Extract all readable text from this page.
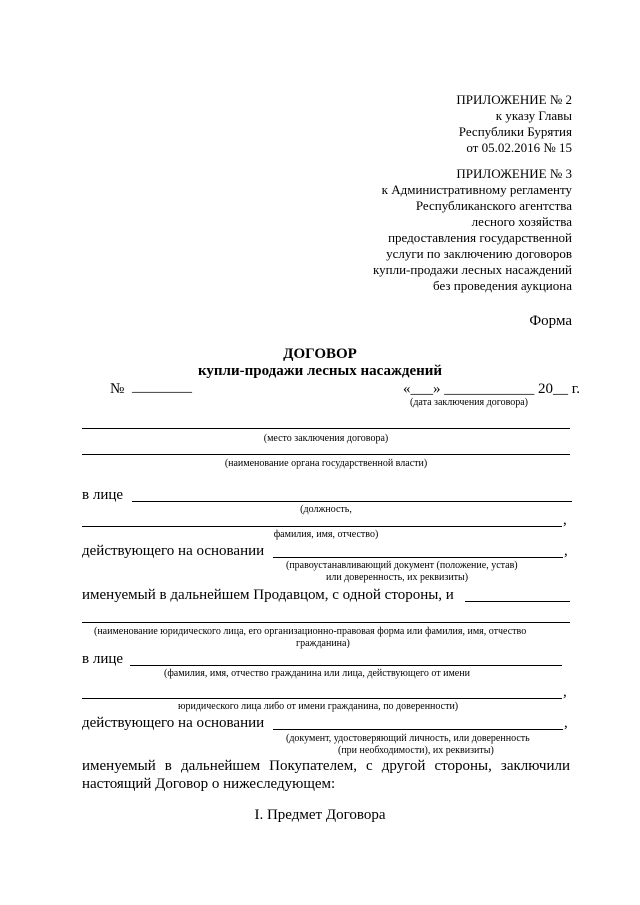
ПРИЛОЖЕНИЕ № 2
к указу Главы
Республики Бурятия
от 05.02.2016 № 15
ПРИЛОЖЕНИЕ № 3
к Административному регламенту
Республиканского агентства
лесного хозяйства
предоставления государственной
услуги по заключению договоров
купли-продажи лесных насаждений
без проведения аукциона
Форма
ДОГОВОР
купли-продажи лесных насаждений
№ ________	«___» ____________ 20__ г.
(дата заключения договора)
(место заключения договора)
(наименование органа государственной власти)
в лице
(должность,
,
фамилия, имя, отчество)
действующего на основании	,
(правоустанавливающий документ (положение, устав)
или доверенность, их реквизиты)
именуемый в дальнейшем Продавцом, с одной стороны, и
(наименование юридического лица, его организационно-правовая форма или фамилия, имя, отчество
гражданина)
в лице
(фамилия, имя, отчество гражданина или лица, действующего от имени
,
юридического лица либо от имени гражданина, по доверенности)
действующего на основании	,
(документ, удостоверяющий личность, или доверенность
(при необходимости), их реквизиты)
именуемый в дальнейшем Покупателем, с другой стороны, заключили
настоящий Договор о нижеследующем:
I. Предмет Договора
